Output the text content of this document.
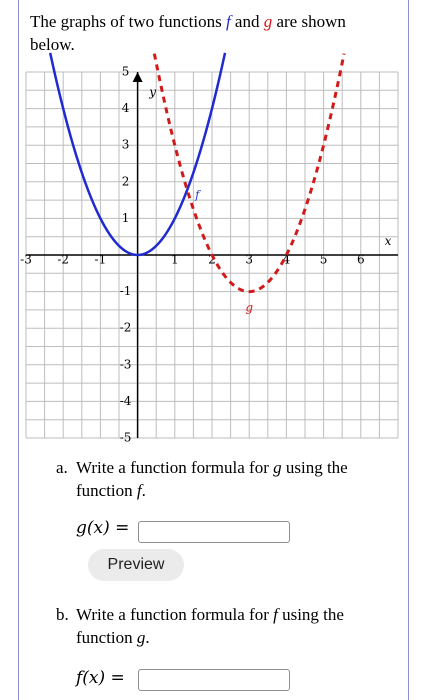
The graphs of two functions f and g are shown below.
-3 -2 -1	1 2 3 4 5 6
5
4
3
2
1
-1
-2
-3
-4
-5
x
y
f
g
a. Write a function formula for g using the function f.
g(x) =
Preview
b. Write a function formula for f using the function g.
f(x) =
